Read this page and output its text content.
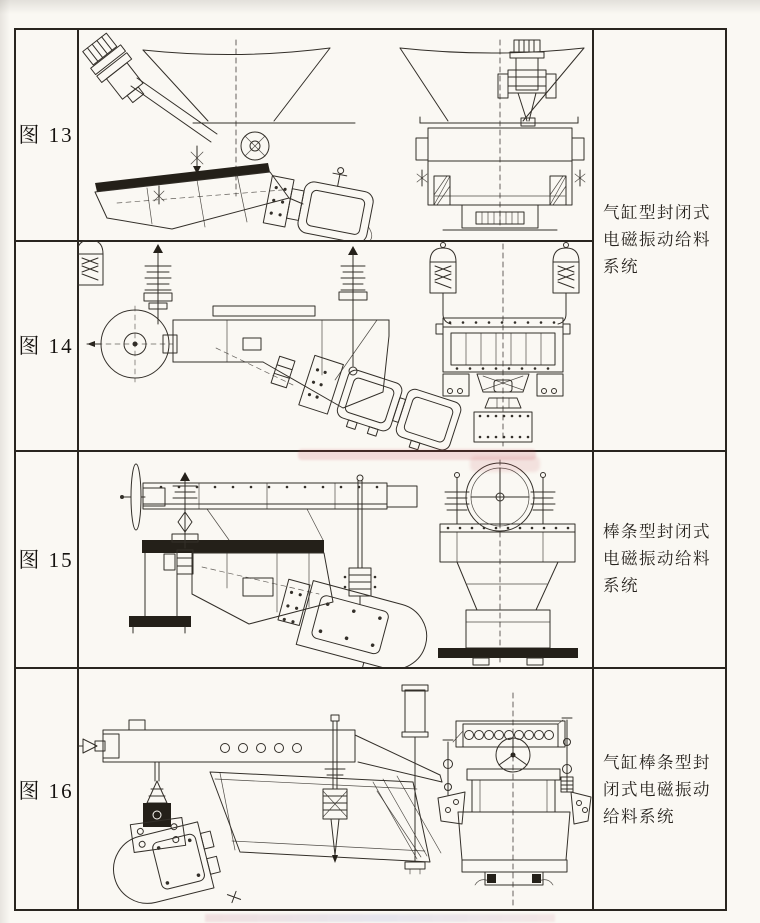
图 13
图 14
图 15
图 16
气缸型封闭式
电磁振动给料
系统
棒条型封闭式
电磁振动给料
系统
气缸棒条型封
闭式电磁振动
给料系统
